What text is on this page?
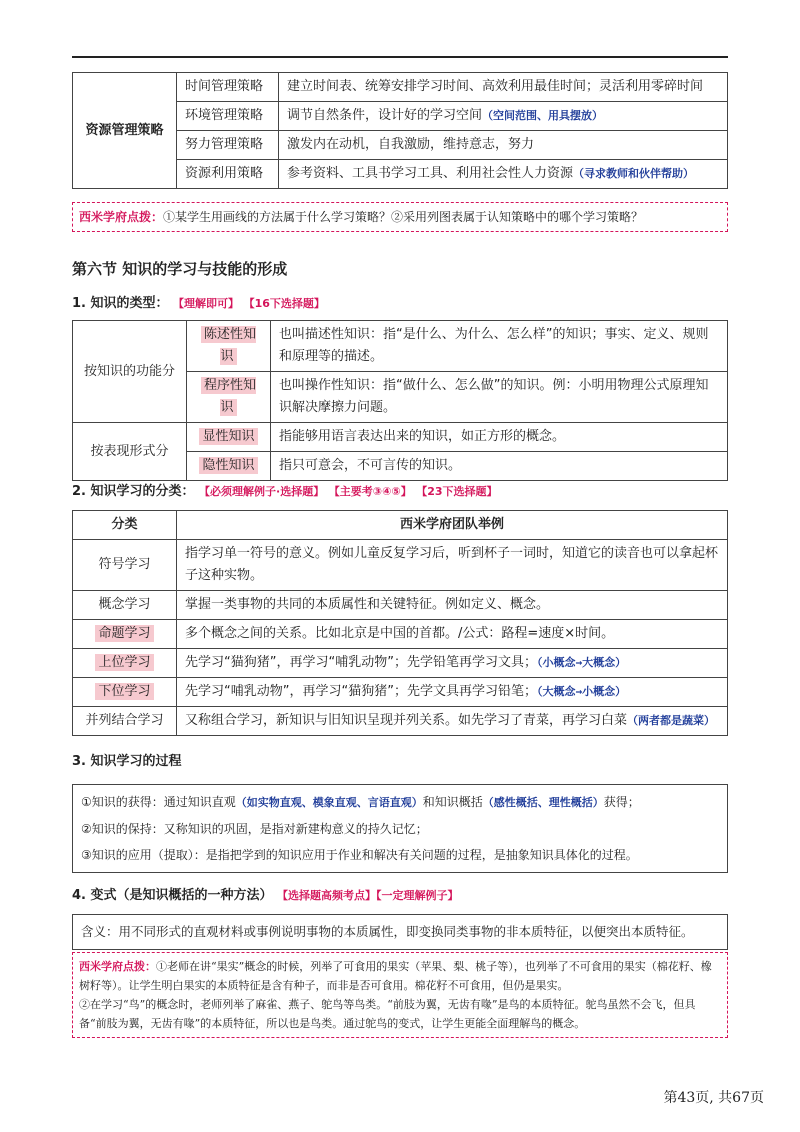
资源管理策略	时间管理策略	建立时间表、统筹安排学习时间、高效利用最佳时间；灵活利用零碎时间
	环境管理策略	调节自然条件，设计好的学习空间（空间范围、用具摆放）
	努力管理策略	激发内在动机，自我激励，维持意志，努力
	资源利用策略	参考资料、工具书学习工具、利用社会性人力资源（寻求教师和伙伴帮助）
西米学府点拨：①某学生用画线的方法属于什么学习策略？②采用列图表属于认知策略中的哪个学习策略？
第六节 知识的学习与技能的形成
1. 知识的类型： 【理解即可】 【16下选择题】
按知识的功能分	陈述性知识	也叫描述性知识：指“是什么、为什么、怎么样”的知识；事实、定义、规则和原理等的描述。
	程序性知识	也叫操作性知识：指“做什么、怎么做”的知识。例：小明用物理公式原理知识解决摩擦力问题。
按表现形式分	显性知识	指能够用语言表达出来的知识，如正方形的概念。
	隐性知识	指只可意会，不可言传的知识。
2. 知识学习的分类： 【必须理解例子·选择题】 【主要考③④⑤】 【23下选择题】
分类	西米学府团队举例
符号学习	指学习单一符号的意义。例如儿童反复学习后，听到杯子一词时，知道它的读音也可以拿起杯子这种实物。
概念学习	掌握一类事物的共同的本质属性和关键特征。例如定义、概念。
命题学习	多个概念之间的关系。比如北京是中国的首都。/公式：路程=速度×时间。
上位学习	先学习“猫狗猪”，再学习“哺乳动物”；先学铅笔再学习文具；（小概念→大概念）
下位学习	先学习“哺乳动物”，再学习“猫狗猪”；先学文具再学习铅笔；（大概念→小概念）
并列结合学习	又称组合学习，新知识与旧知识呈现并列关系。如先学习了青菜，再学习白菜（两者都是蔬菜）
3. 知识学习的过程
①知识的获得：通过知识直观（如实物直观、模象直观、言语直观）和知识概括（感性概括、理性概括）获得；
②知识的保持：又称知识的巩固，是指对新建构意义的持久记忆；
③知识的应用（提取）：是指把学到的知识应用于作业和解决有关问题的过程，是抽象知识具体化的过程。
4. 变式（是知识概括的一种方法） 【选择题高频考点】【一定理解例子】
含义：用不同形式的直观材料或事例说明事物的本质属性，即变换同类事物的非本质特征，以便突出本质特征。
西米学府点拨：①老师在讲“果实”概念的时候，列举了可食用的果实（苹果、梨、桃子等），也列举了不可食用的果实（棉花籽、橡树籽等）。让学生明白果实的本质特征是含有种子，而非是否可食用。棉花籽不可食用，但仍是果实。
②在学习“鸟”的概念时，老师列举了麻雀、燕子、鸵鸟等鸟类。“前肢为翼，无齿有喙”是鸟的本质特征。鸵鸟虽然不会飞，但具备“前肢为翼，无齿有喙”的本质特征，所以也是鸟类。通过鸵鸟的变式，让学生更能全面理解鸟的概念。
第43页, 共67页
